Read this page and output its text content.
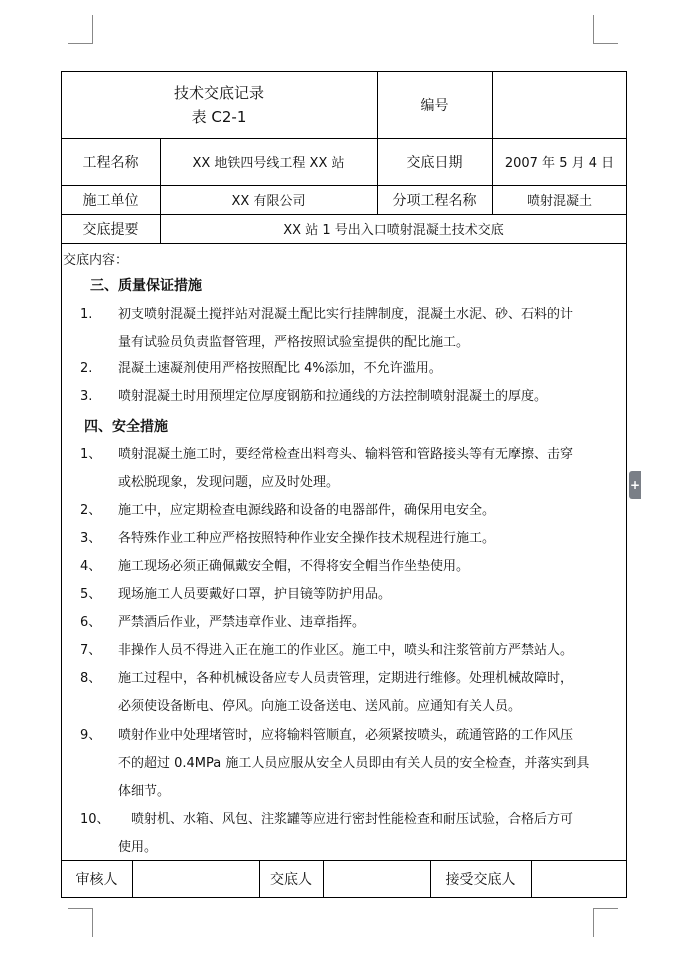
技术交底记录
表 C2-1
编号
工程名称	XX 地铁四号线工程 XX 站	交底日期	2007 年 5 月 4 日
施工单位	XX 有限公司	分项工程名称	喷射混凝土
交底提要	XX 站 1 号出入口喷射混凝土技术交底
交底内容：
三、质量保证措施
1. 初支喷射混凝土搅拌站对混凝土配比实行挂牌制度，混凝土水泥、砂、石料的计
量有试验员负责监督管理，严格按照试验室提供的配比施工。
2. 混凝土速凝剂使用严格按照配比 4%添加，不允许滥用。
3. 喷射混凝土时用预埋定位厚度钢筋和拉通线的方法控制喷射混凝土的厚度。
四、安全措施
1、 喷射混凝土施工时，要经常检查出料弯头、输料管和管路接头等有无摩擦、击穿
或松脱现象，发现问题，应及时处理。
2、 施工中，应定期检查电源线路和设备的电器部件，确保用电安全。
3、 各特殊作业工种应严格按照特种作业安全操作技术规程进行施工。
4、 施工现场必须正确佩戴安全帽，不得将安全帽当作坐垫使用。
5、 现场施工人员要戴好口罩，护目镜等防护用品。
6、 严禁酒后作业，严禁违章作业、违章指挥。
7、 非操作人员不得进入正在施工的作业区。施工中，喷头和注浆管前方严禁站人。
8、 施工过程中，各种机械设备应专人员责管理，定期进行维修。处理机械故障时，
必须使设备断电、停风。向施工设备送电、送风前。应通知有关人员。
9、 喷射作业中处理堵管时，应将输料管顺直，必须紧按喷头，疏通管路的工作风压
不的超过 0.4MPa 施工人员应服从安全人员即由有关人员的安全检查，并落实到具
体细节。
10、 　喷射机、水箱、风包、注浆罐等应进行密封性能检查和耐压试验，合格后方可
使用。
审核人	交底人	接受交底人
+
